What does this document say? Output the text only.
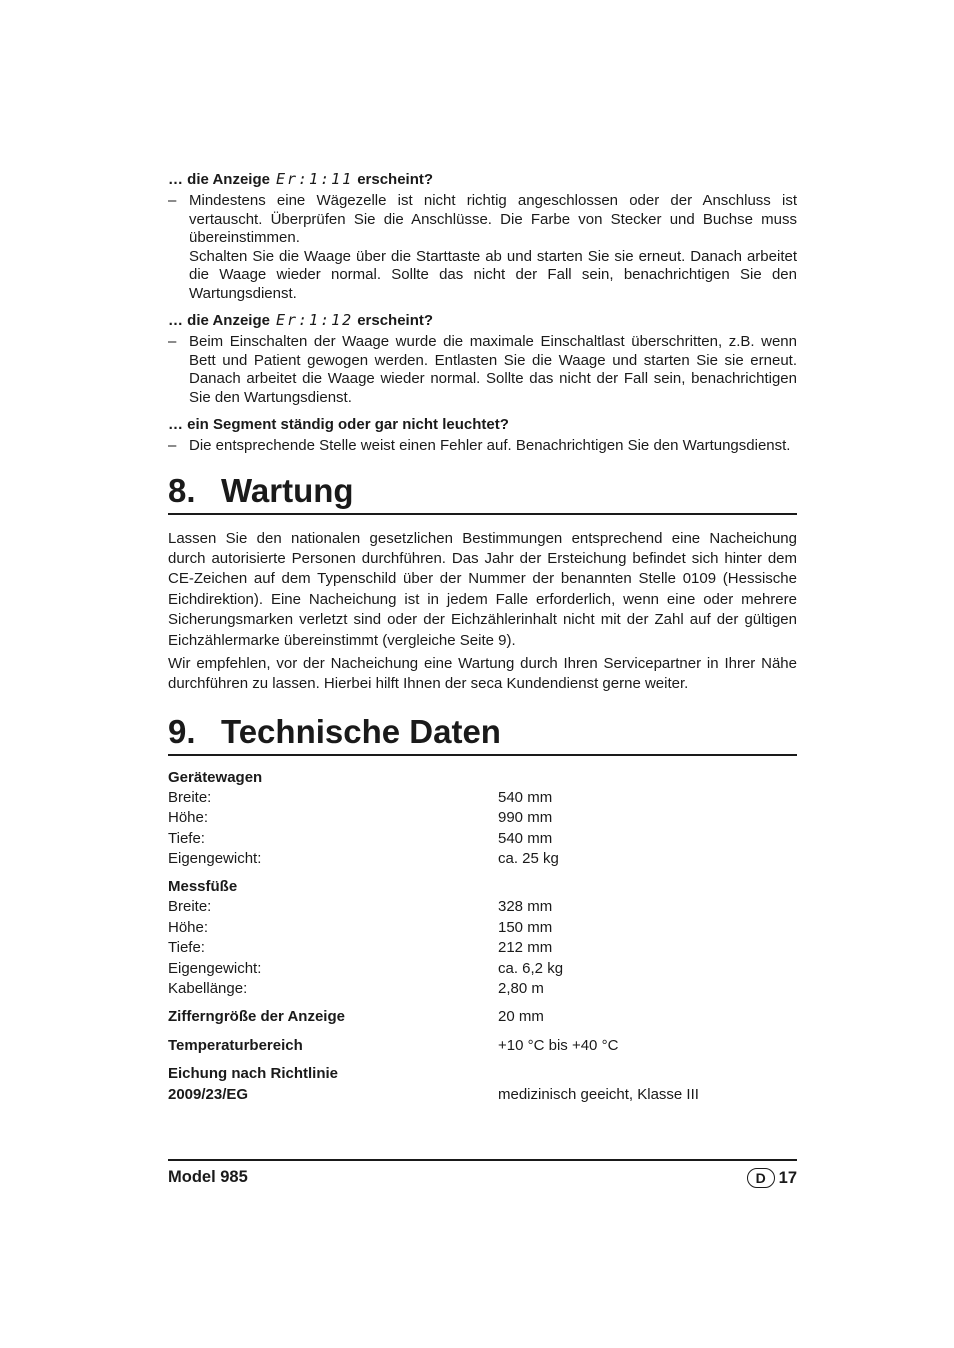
… die Anzeige Er:1:11 erscheint?

– Mindestens eine Wägezelle ist nicht richtig angeschlossen oder der Anschluss ist vertauscht. Überprüfen Sie die Anschlüsse. Die Farbe von Stecker und Buchse muss übereinstimmen.

Schalten Sie die Waage über die Starttaste ab und starten Sie sie erneut. Danach arbeitet die Waage wieder normal. Sollte das nicht der Fall sein, benachrichtigen Sie den Wartungsdienst.

… die Anzeige Er:1:12 erscheint?

– Beim Einschalten der Waage wurde die maximale Einschaltlast überschritten, z.B. wenn Bett und Patient gewogen werden. Entlasten Sie die Waage und starten Sie sie erneut. Danach arbeitet die Waage wieder normal. Sollte das nicht der Fall sein, benachrichtigen Sie den Wartungsdienst.

… ein Segment ständig oder gar nicht leuchtet?

– Die entsprechende Stelle weist einen Fehler auf. Benachrichtigen Sie den Wartungsdienst.

8. Wartung

Lassen Sie den nationalen gesetzlichen Bestimmungen entsprechend eine Nacheichung durch autorisierte Personen durchführen. Das Jahr der Ersteichung befindet sich hinter dem CE-Zeichen auf dem Typenschild über der Nummer der benannten Stelle 0109 (Hessische Eichdirektion). Eine Nacheichung ist in jedem Falle erforderlich, wenn eine oder mehrere Sicherungsmarken verletzt sind oder der Eichzählerinhalt nicht mit der Zahl auf der gültigen Eichzählermarke übereinstimmt (vergleiche Seite 9).

Wir empfehlen, vor der Nacheichung eine Wartung durch Ihren Servicepartner in Ihrer Nähe durchführen zu lassen. Hierbei hilft Ihnen der seca Kundendienst gerne weiter.

9. Technische Daten

Gerätewagen

Breite:	540 mm
Höhe:	990 mm
Tiefe:	540 mm
Eigengewicht:	ca. 25 kg

Messfüße

Breite:	328 mm
Höhe:	150 mm
Tiefe:	212 mm
Eigengewicht:	ca. 6,2 kg
Kabellänge:	2,80 m
Zifferngröße der Anzeige	20 mm
Temperaturbereich	+10 °C bis +40 °C
Eichung nach Richtlinie
2009/23/EG	medizinisch geeicht, Klasse III
Model 985	D 17
